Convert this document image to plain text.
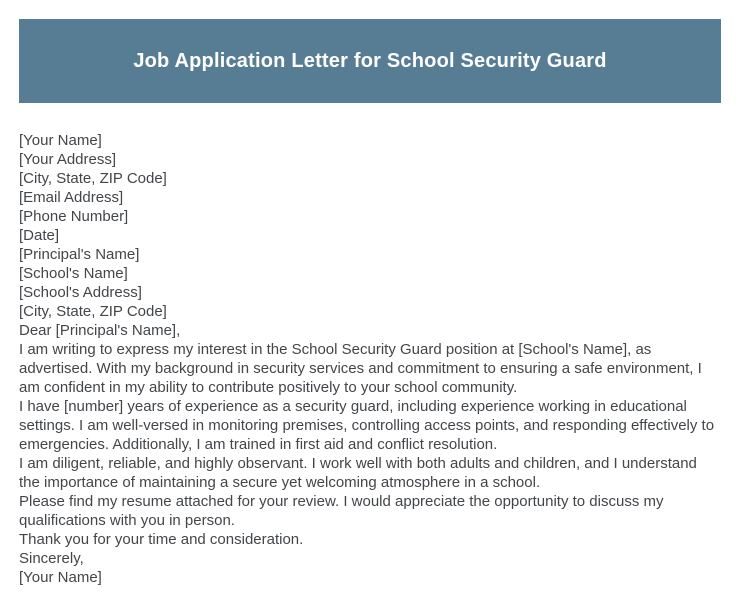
Job Application Letter for School Security Guard
[Your Name]
[Your Address]
[City, State, ZIP Code]
[Email Address]
[Phone Number]
[Date]
[Principal's Name]
[School's Name]
[School's Address]
[City, State, ZIP Code]
Dear [Principal's Name],

I am writing to express my interest in the School Security Guard position at [School's Name], as advertised. With my background in security services and commitment to ensuring a safe environment, I am confident in my ability to contribute positively to your school community.

I have [number] years of experience as a security guard, including experience working in educational settings. I am well-versed in monitoring premises, controlling access points, and responding effectively to emergencies. Additionally, I am trained in first aid and conflict resolution.

I am diligent, reliable, and highly observant. I work well with both adults and children, and I understand the importance of maintaining a secure yet welcoming atmosphere in a school.

Please find my resume attached for your review. I would appreciate the opportunity to discuss my qualifications with you in person.

Thank you for your time and consideration.
Sincerely,
[Your Name]
